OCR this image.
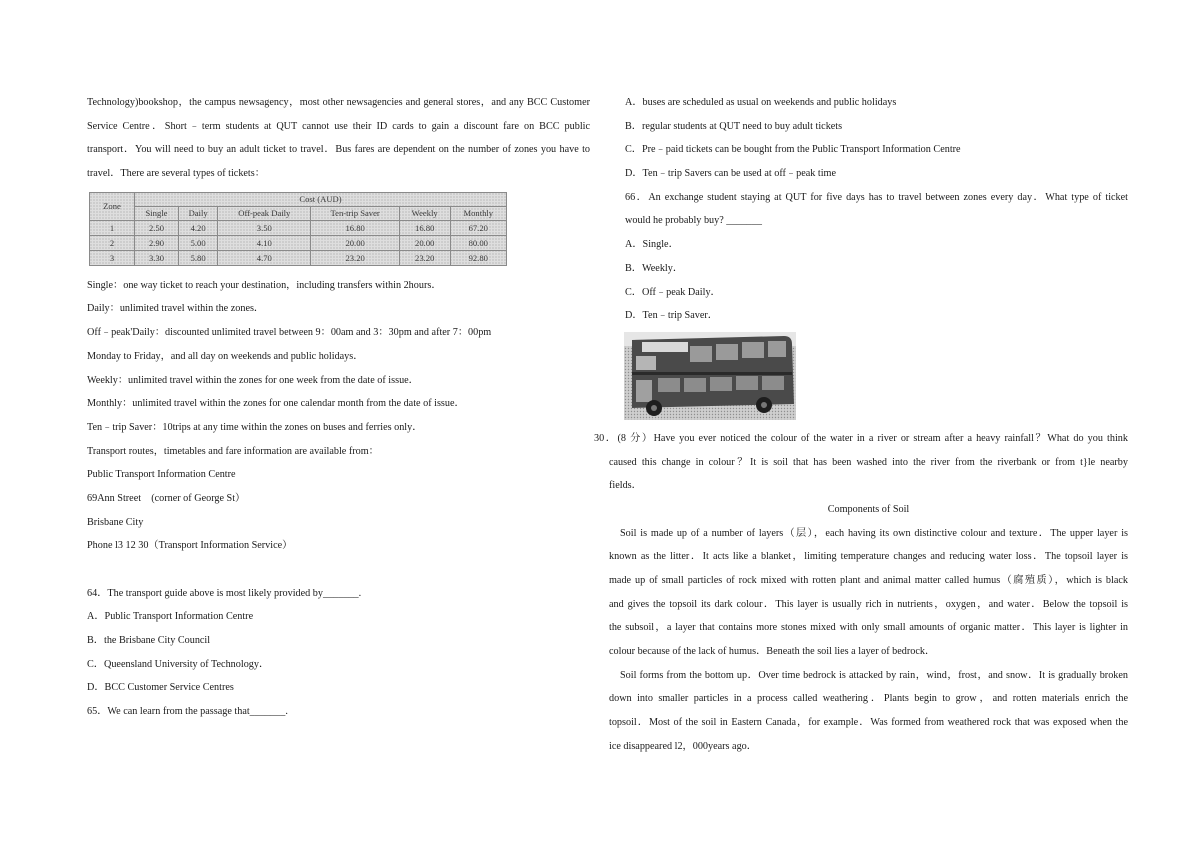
Technology)bookshop，the campus newsagency，most other newsagencies and general stores，and any BCC Customer
Service Centre．Short﹣term students at QUT cannot use their ID cards to gain a discount fare on BCC public
transport．You will need to buy an adult ticket to travel．Bus fares are dependent on the number of zones you have to
travel．There are several types of tickets：
Zone	Cost (AUD)					
	Single	Daily	Off-peak Daily	Ten-trip Saver	Weekly	Monthly
1	2.50	4.20	3.50	16.80	16.80	67.20
2	2.90	5.00	4.10	20.00	20.00	80.00
3	3.30	5.80	4.70	23.20	23.20	92.80
Single：one way ticket to reach your destination，including transfers within 2hours．
Daily：unlimited travel within the zones．
Off﹣peak'Daily：discounted unlimited travel between 9：00am and 3：30pm and after 7：00pm
Monday to Friday，and all day on weekends and public holidays．
Weekly：unlimited travel within the zones for one week from the date of issue．
Monthly：unlimited travel within the zones for one calendar month from the date of issue．
Ten﹣trip Saver：10trips at any time within the zones on buses and ferries only．
Transport routes，timetables and fare information are available from：
Public Transport Information Centre
69Ann Street　(corner of George St）
Brisbane City
Phone l3 12 30（Transport Information Service）
64．The transport guide above is most likely provided by_______.
A．Public Transport Information Centre
B．the Brisbane City Council
C．Queensland University of Technology．
D．BCC Customer Service Centres
65．We can learn from the passage that_______.
A．buses are scheduled as usual on weekends and public holidays
B．regular students at QUT need to buy adult tickets
C．Pre﹣paid tickets can be bought from the Public Transport Information Centre
D．Ten﹣trip Savers can be used at off﹣peak time
66．An exchange student staying at QUT for five days has to travel between zones every day．What type of ticket
would he probably buy? _______
A．Single．
B．Weekly．
C．Off﹣peak Daily．
D．Ten﹣trip Saver．
30．(8 分）Have you ever noticed the colour of the water in a river or stream after a heavy rainfall？What do you think
caused this change in colour？It is soil that has been washed into the river from the riverbank or from t}le nearby
fields．
Components of Soil
Soil is made up of a number of layers（层），each having its own distinctive colour and texture．The upper layer is
known as the litter．It acts like a blanket，limiting temperature changes and reducing water loss．The topsoil layer is
made up of small particles of rock mixed with rotten plant and animal matter called humus（腐殖质），which is black
and gives the topsoil its dark colour．This layer is usually rich in nutrients，oxygen，and water．Below the topsoil is
the subsoil，a layer that contains more stones mixed with only small amounts of organic matter．This layer is lighter in
colour because of the lack of humus．Beneath the soil lies a layer of bedrock．
Soil forms from the bottom up．Over time bedrock is attacked by rain，wind，frost，and snow．It is gradually broken
down into smaller particles in a process called weathering．Plants begin to grow，and rotten materials enrich the
topsoil．Most of the soil in Eastern Canada，for example．Was formed from weathered rock that was exposed when the
ice disappeared l2，000years ago．
